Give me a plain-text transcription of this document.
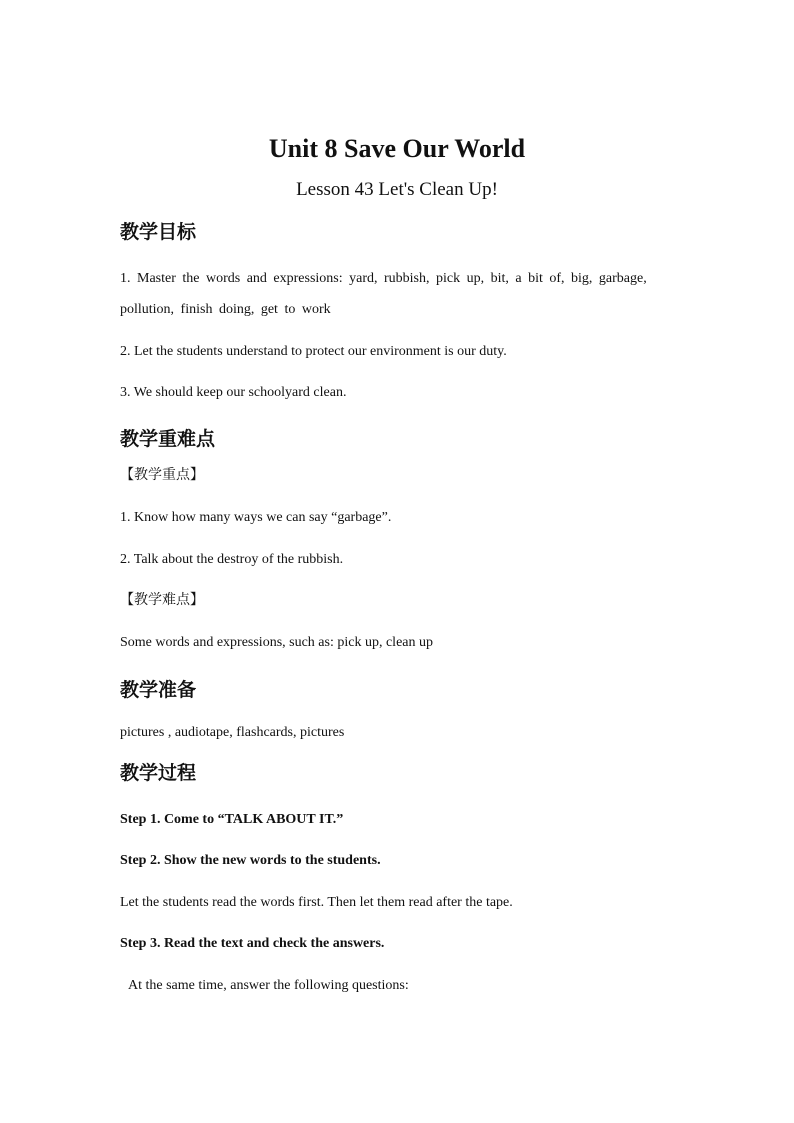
Unit 8 Save Our World
Lesson 43 Let's Clean Up!
教学目标
1. Master the words and expressions: yard, rubbish, pick up, bit, a bit of, big, garbage, pollution, finish doing, get to work
2. Let the students understand to protect our environment is our duty.
3. We should keep our schoolyard clean.
教学重难点
【教学重点】
1. Know how many ways we can say “garbage”.
2. Talk about the destroy of the rubbish.
【教学难点】
Some words and expressions, such as: pick up, clean up
教学准备
pictures , audiotape, flashcards, pictures
教学过程
Step 1. Come to “TALK ABOUT IT.”
Step 2. Show the new words to the students.
Let the students read the words first. Then let them read after the tape.
Step 3. Read the text and check the answers.
At the same time, answer the following questions:
